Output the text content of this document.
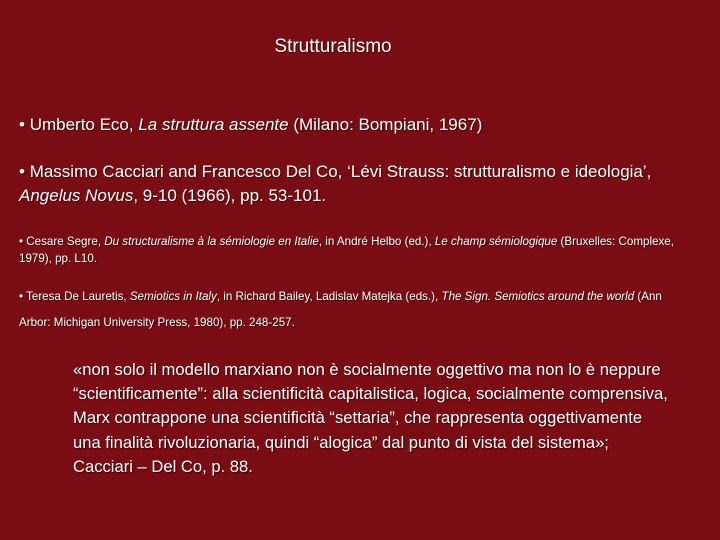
Strutturalismo
• Umberto Eco, La struttura assente (Milano: Bompiani, 1967)
• Massimo Cacciari and Francesco Del Co, ‘Lévi Strauss: strutturalismo e ideologia’, Angelus Novus, 9-10 (1966), pp. 53-101.
• Cesare Segre, Du structuralisme à la sémiologie en Italie, in André Helbo (ed.), Le champ sémiologique (Bruxelles: Complexe, 1979), pp. L10.
• Teresa De Lauretis, Semiotics in Italy, in Richard Bailey, Ladislav Matejka (eds.), The Sign. Semiotics around the world (Ann Arbor: Michigan University Press, 1980), pp. 248-257.
«non solo il modello marxiano non è socialmente oggettivo ma non lo è neppure “scientificamente”: alla scientificità capitalistica, logica, socialmente comprensiva, Marx contrappone una scientificità “settaria”, che rappresenta oggettivamente una finalità rivoluzionaria, quindi “alogica” dal punto di vista del sistema»; Cacciari – Del Co, p. 88.
